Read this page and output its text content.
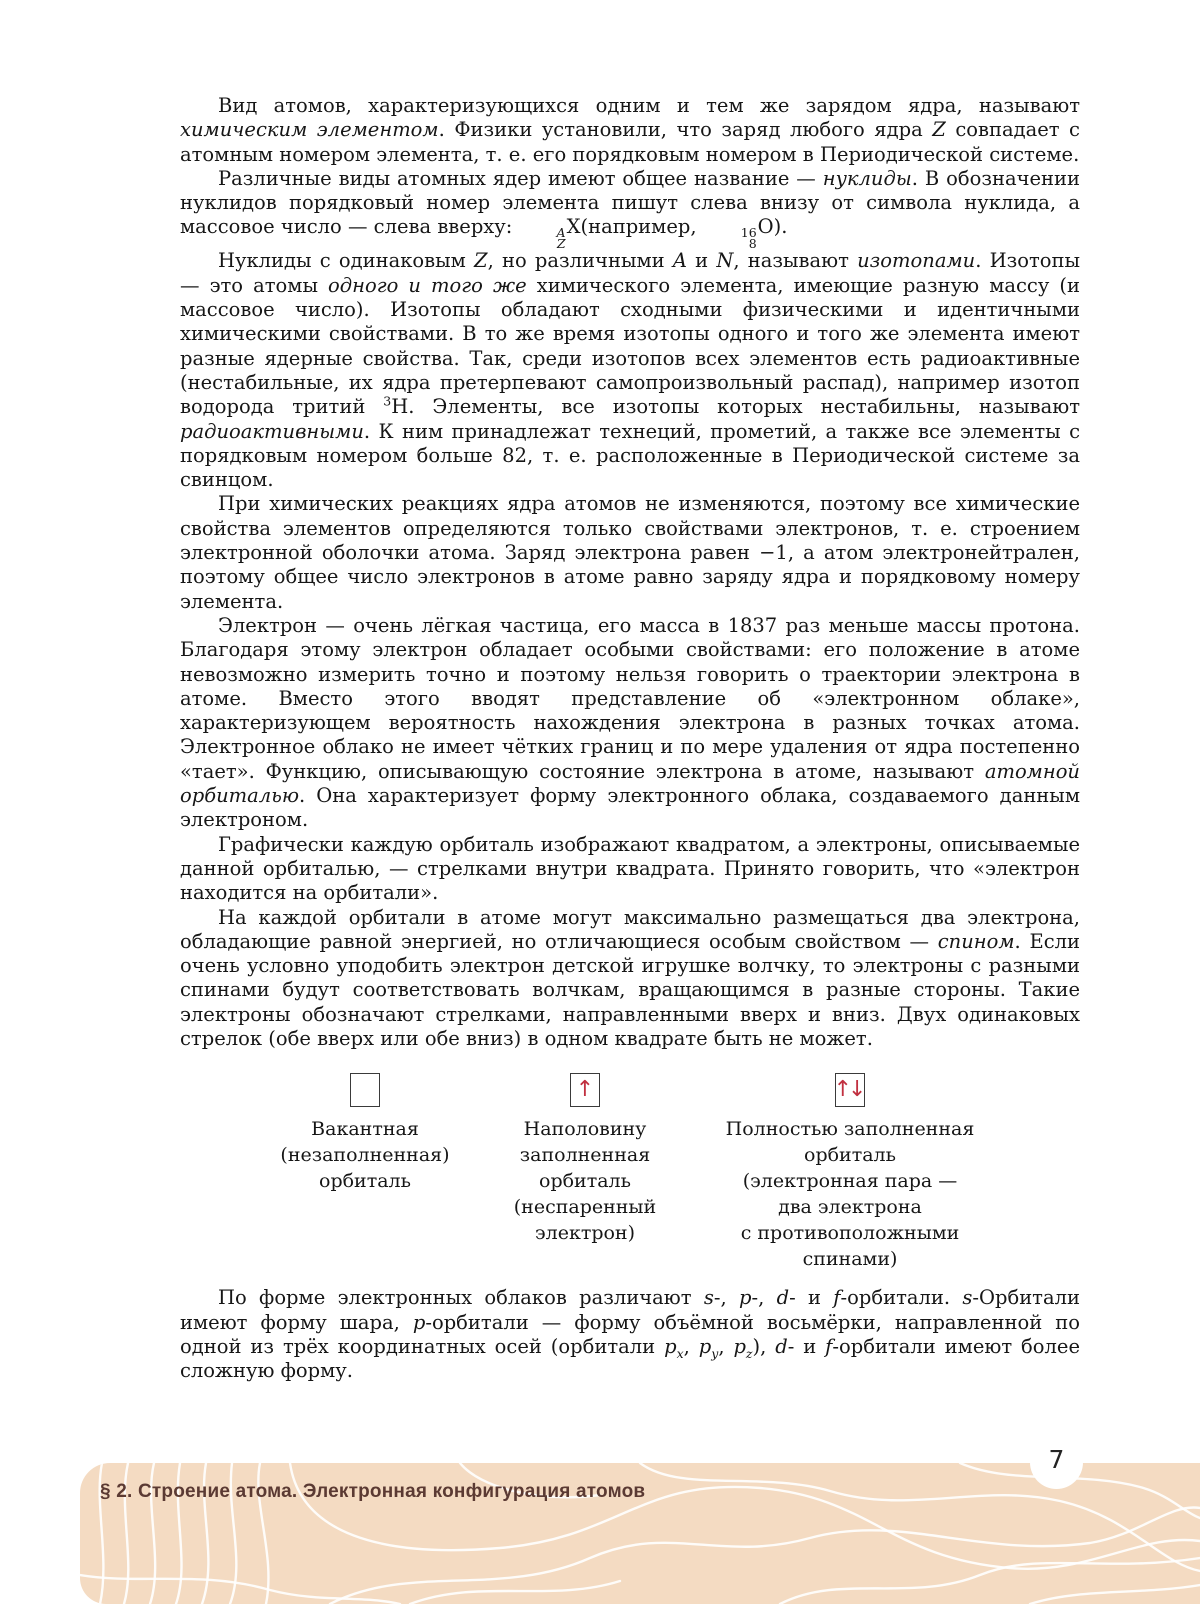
Вид атомов, характеризующихся одним и тем же зарядом ядра, называют химическим элементом. Физики установили, что заряд любого ядра Z совпадает с атомным номером элемента, т. е. его порядковым номером в Периодической системе.

Различные виды атомных ядер имеют общее название — нуклиды. В обозначении нуклидов порядковый номер элемента пишут слева внизу от символа нуклида, а массовое число — слева вверху:	A
Z
X(например,	16
8
O).

Нуклиды с одинаковым Z, но различными A и N, называют изотопами. Изотопы — это атомы одного и того же химического элемента, имеющие разную массу (и массовое число). Изотопы обладают сходными физическими и идентичными химическими свойствами. В то же время изотопы одного и того же элемента имеют разные ядерные свойства. Так, среди изотопов всех элементов есть радиоактивные (нестабильные, их ядра претерпевают самопроизвольный распад), например изотоп водорода тритий $^3$H. Элементы, все изотопы которых нестабильны, называют радиоактивными. К ним принадлежат технеций, прометий, а также все элементы с порядковым номером больше 82, т. е. расположенные в Периодической системе за свинцом.

При химических реакциях ядра атомов не изменяются, поэтому все химические свойства элементов определяются только свойствами электронов, т. е. строением электронной оболочки атома. Заряд электрона равен −1, а атом электронейтрален, поэтому общее число электронов в атоме равно заряду ядра и порядковому номеру элемента.

Электрон — очень лёгкая частица, его масса в 1837 раз меньше массы протона. Благодаря этому электрон обладает особыми свойствами: его положение в атоме невозможно измерить точно и поэтому нельзя говорить о траектории электрона в атоме. Вместо этого вводят представление об «электронном облаке», характеризующем вероятность нахождения электрона в разных точках атома. Электронное облако не имеет чётких границ и по мере удаления от ядра постепенно «тает». Функцию, описывающую состояние электрона в атоме, называют атомной орбиталью. Она характеризует форму электронного облака, создаваемого данным электроном.

Графически каждую орбиталь изображают квадратом, а электроны, описываемые данной орбиталью, — стрелками внутри квадрата. Принято говорить, что «электрон находится на орбитали».

На каждой орбитали в атоме могут максимально размещаться два электрона, обладающие равной энергией, но отличающиеся особым свойством — спином. Если очень условно уподобить электрон детской игрушке волчку, то электроны с разными спинами будут соответствовать волчкам, вращающимся в разные стороны. Такие электроны обозначают стрелками, направленными вверх и вниз. Двух одинаковых стрелок (обе вверх или обе вниз) в одном квадрате быть не может.

Вакантная
(незаполненная)
орбиталь
↑
Наполовину
заполненная
орбиталь
(неспаренный
электрон)
↑
↓
Полностью заполненная
орбиталь
(электронная пара —
два электрона
с противоположными
спинами)

По форме электронных облаков различают s-, p-, d- и f-орбитали. s-Орбитали имеют форму шара, p-орбитали — форму объёмной восьмёрки, направленной по одной из трёх координатных осей (орбитали $p_x$, $p_y$, $p_z$), d- и f-орбитали имеют более сложную форму.

7
§ 2. Строение атома. Электронная конфигурация атомов
